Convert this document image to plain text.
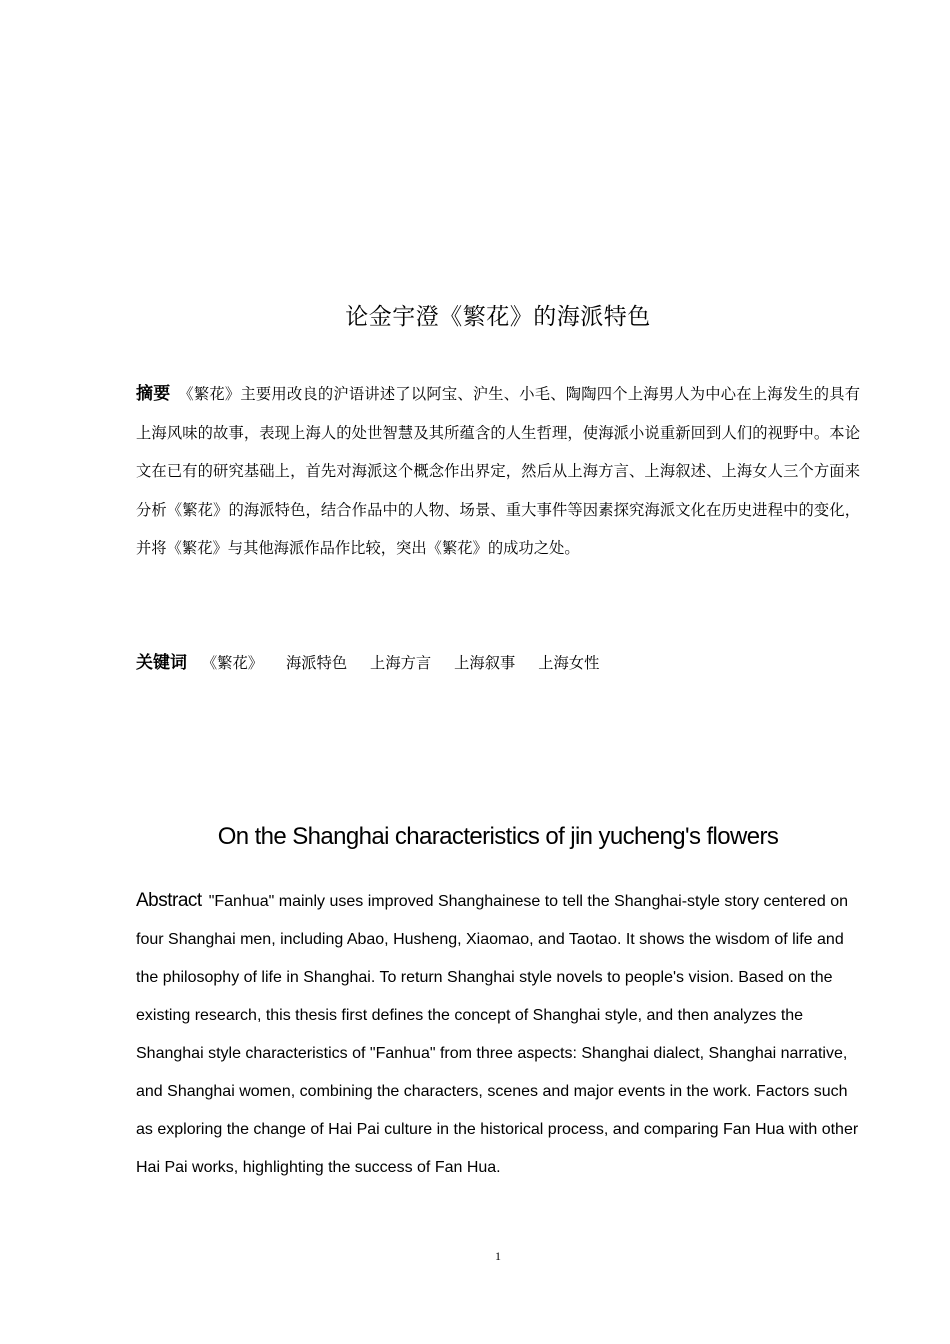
论金宇澄《繁花》的海派特色
摘要 《繁花》主要用改良的沪语讲述了以阿宝、沪生、小毛、陶陶四个上海男人为中心在上海发生的具有上海风味的故事，表现上海人的处世智慧及其所蕴含的人生哲理，使海派小说重新回到人们的视野中。本论文在已有的研究基础上，首先对海派这个概念作出界定，然后从上海方言、上海叙述、上海女人三个方面来分析《繁花》的海派特色，结合作品中的人物、场景、重大事件等因素探究海派文化在历史进程中的变化，并将《繁花》与其他海派作品作比较，突出《繁花》的成功之处。
关键词 《繁花》 海派特色 上海方言 上海叙事 上海女性
On the Shanghai characteristics of jin yucheng's flowers
Abstract "Fanhua" mainly uses improved Shanghainese to tell the Shanghai-style story centered on four Shanghai men, including Abao, Husheng, Xiaomao, and Taotao. It shows the wisdom of life and the philosophy of life in Shanghai. To return Shanghai style novels to people's vision. Based on the existing research, this thesis first defines the concept of Shanghai style, and then analyzes the Shanghai style characteristics of "Fanhua" from three aspects: Shanghai dialect, Shanghai narrative, and Shanghai women, combining the characters, scenes and major events in the work. Factors such as exploring the change of Hai Pai culture in the historical process, and comparing Fan Hua with other Hai Pai works, highlighting the success of Fan Hua.
1
